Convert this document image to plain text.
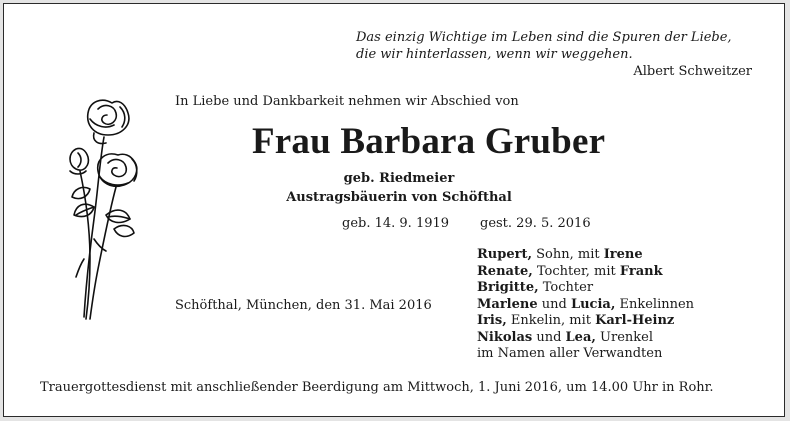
Das einzig Wichtige im Leben sind die Spuren der Liebe,
die wir hinterlassen, wenn wir weggehen.
Albert Schweitzer
In Liebe und Dankbarkeit nehmen wir Abschied von
Frau Barbara Gruber
geb. Riedmeier
Austragsbäuerin von Schöfthal
geb. 14. 9. 1919 gest. 29. 5. 2016
Schöfthal, München, den 31. Mai 2016
Rupert, Sohn, mit Irene
Renate, Tochter, mit Frank
Brigitte, Tochter
Marlene und Lucia, Enkelinnen
Iris, Enkelin, mit Karl-Heinz
Nikolas und Lea, Urenkel
im Namen aller Verwandten
Trauergottesdienst mit anschließender Beerdigung am Mittwoch, 1. Juni 2016, um 14.00 Uhr in Rohr.
